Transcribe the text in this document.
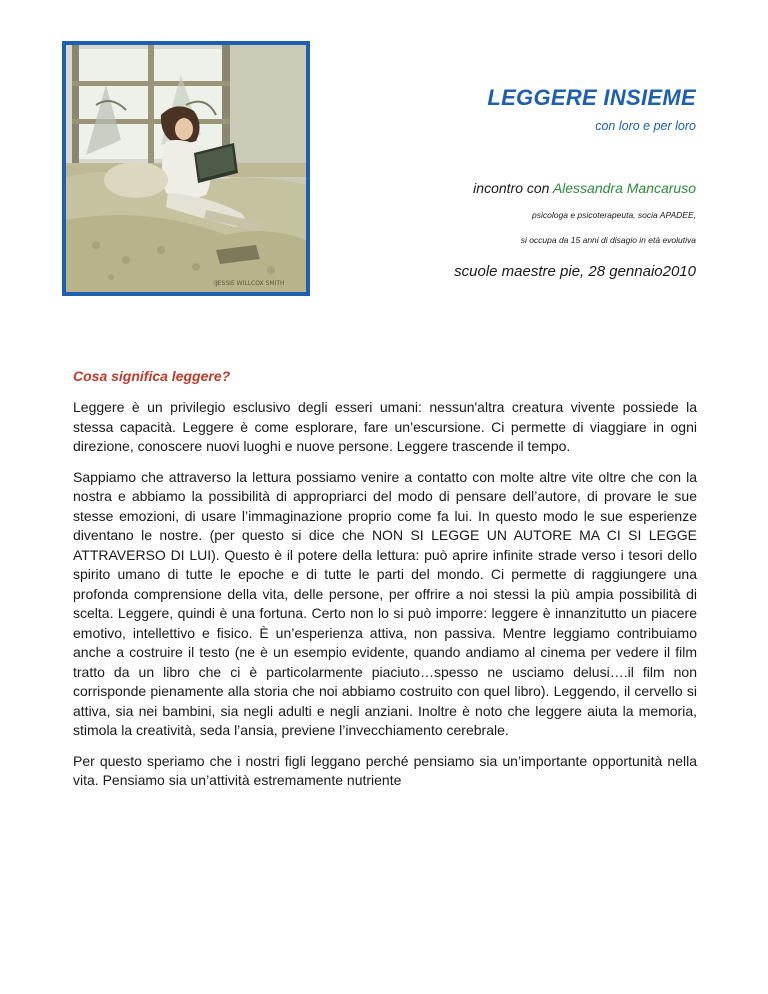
JESSIE WILLCOX SMITH
LEGGERE INSIEME
con loro e per loro
incontro con Alessandra Mancaruso
psicologa e psicoterapeuta, socia APADEE,
si occupa da 15 anni di disagio in età evolutiva
scuole maestre pie, 28 gennaio2010
Cosa significa leggere?

Leggere è un privilegio esclusivo degli esseri umani: nessun'altra creatura vivente possiede la stessa capacità. Leggere è come esplorare, fare un’escursione. Ci permette di viaggiare in ogni direzione, conoscere nuovi luoghi e nuove persone. Leggere trascende il tempo.

Sappiamo che attraverso la lettura possiamo venire a contatto con molte altre vite oltre che con la nostra e abbiamo la possibilità di appropriarci del modo di pensare dell’autore, di provare le sue stesse emozioni, di usare l’immaginazione proprio come fa lui. In questo modo le sue esperienze diventano le nostre. (per questo si dice che NON SI LEGGE UN AUTORE MA CI SI LEGGE ATTRAVERSO DI LUI). Questo è il potere della lettura: può aprire infinite strade verso i tesori dello spirito umano di tutte le epoche e di tutte le parti del mondo. Ci permette di raggiungere una profonda comprensione della vita, delle persone, per offrire a noi stessi la più ampia possibilità di scelta. Leggere, quindi è una fortuna. Certo non lo si può imporre: leggere è innanzitutto un piacere emotivo, intellettivo e fisico. È un’esperienza attiva, non passiva. Mentre leggiamo contribuiamo anche a costruire il testo (ne è un esempio evidente, quando andiamo al cinema per vedere il film tratto da un libro che ci è particolarmente piaciuto…spesso ne usciamo delusi….il film non corrisponde pienamente alla storia che noi abbiamo costruito con quel libro). Leggendo, il cervello si attiva, sia nei bambini, sia negli adulti e negli anziani. Inoltre è noto che leggere aiuta la memoria, stimola la creatività, seda l’ansia, previene l’invecchiamento cerebrale.

Per questo speriamo che i nostri figli leggano perché pensiamo sia un’importante opportunità nella vita. Pensiamo sia un’attività estremamente nutriente
